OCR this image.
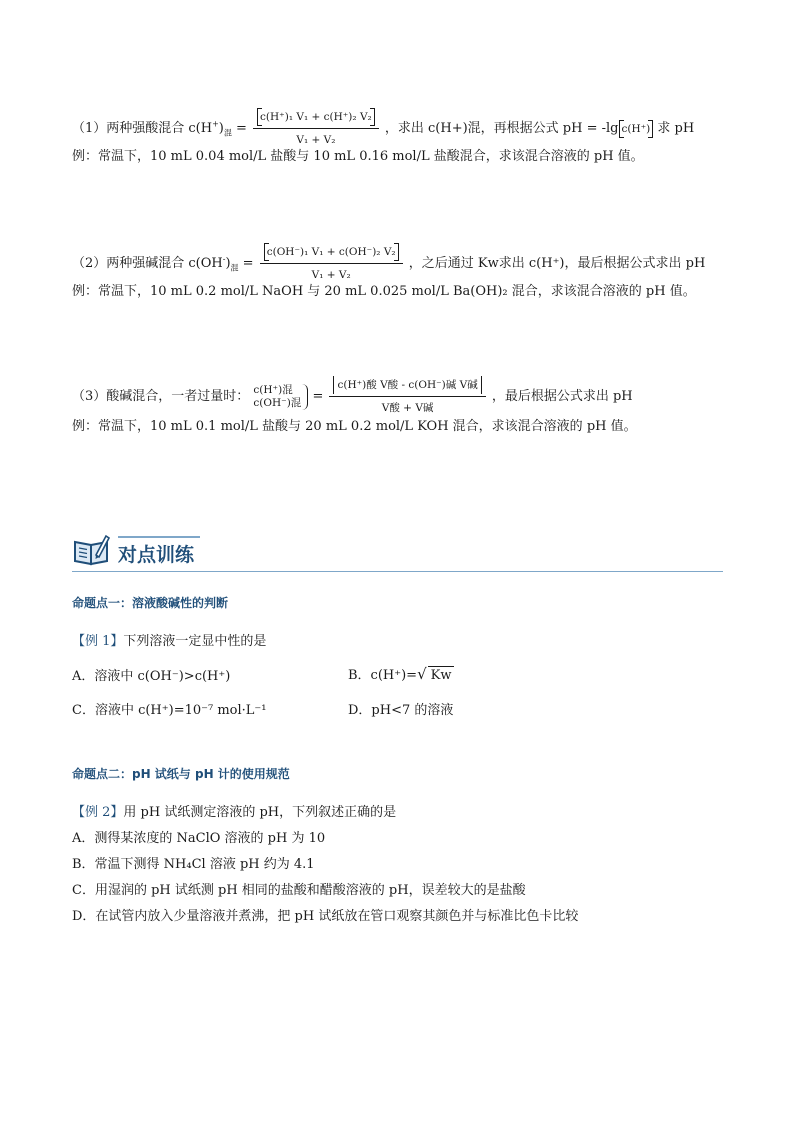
（1）两种强酸混合 $c(H^+)_混 = \frac{\text{c(H⁺)₁ V₁ + c(H⁺)₂ V₂}}{\text{V₁ + V₂}}$ ，求出 c(H+)混，再根据公式 pH = -lg c(H⁺) 求 pH
例：常温下，10 mL 0.04 mol/L 盐酸与 10 mL 0.16 mol/L 盐酸混合，求该混合溶液的 pH 值。
（2）两种强碱混合 $c(OH^-)_混 = \frac{\text{c(OH⁻)₁ V₁ + c(OH⁻)₂ V₂}}{\text{V₁ + V₂}}$ ，之后通过 Kw求出 c(H⁺)，最后根据公式求出 pH
例：常温下，10 mL 0.2 mol/L NaOH 与 20 mL 0.025 mol/L Ba(OH)₂ 混合，求该混合溶液的 pH 值。
（3）酸碱混合，一者过量时： c(H⁺)混
c(OH⁻)混 = $\frac{\text{c(H⁺)酸 V酸 - c(OH⁻)碱 V碱}}{\text{V酸 + V碱}}$ ，最后根据公式求出 pH
例：常温下，10 mL 0.1 mol/L 盐酸与 20 mL 0.2 mol/L KOH 混合，求该混合溶液的 pH 值。
对点训练
命题点一：溶液酸碱性的判断
【例 1】下列溶液一定显中性的是
A．溶液中 c(OH⁻)>c(H⁺)	B．c(H⁺)=√ Kw
C．溶液中 c(H⁺)=10⁻⁷ mol·L⁻¹	D．pH<7 的溶液
命题点二：pH 试纸与 pH 计的使用规范
【例 2】用 pH 试纸测定溶液的 pH，下列叙述正确的是
A．测得某浓度的 NaClO 溶液的 pH 为 10
B．常温下测得 NH₄Cl 溶液 pH 约为 4.1
C．用湿润的 pH 试纸测 pH 相同的盐酸和醋酸溶液的 pH，误差较大的是盐酸
D．在试管内放入少量溶液并煮沸，把 pH 试纸放在管口观察其颜色并与标准比色卡比较
